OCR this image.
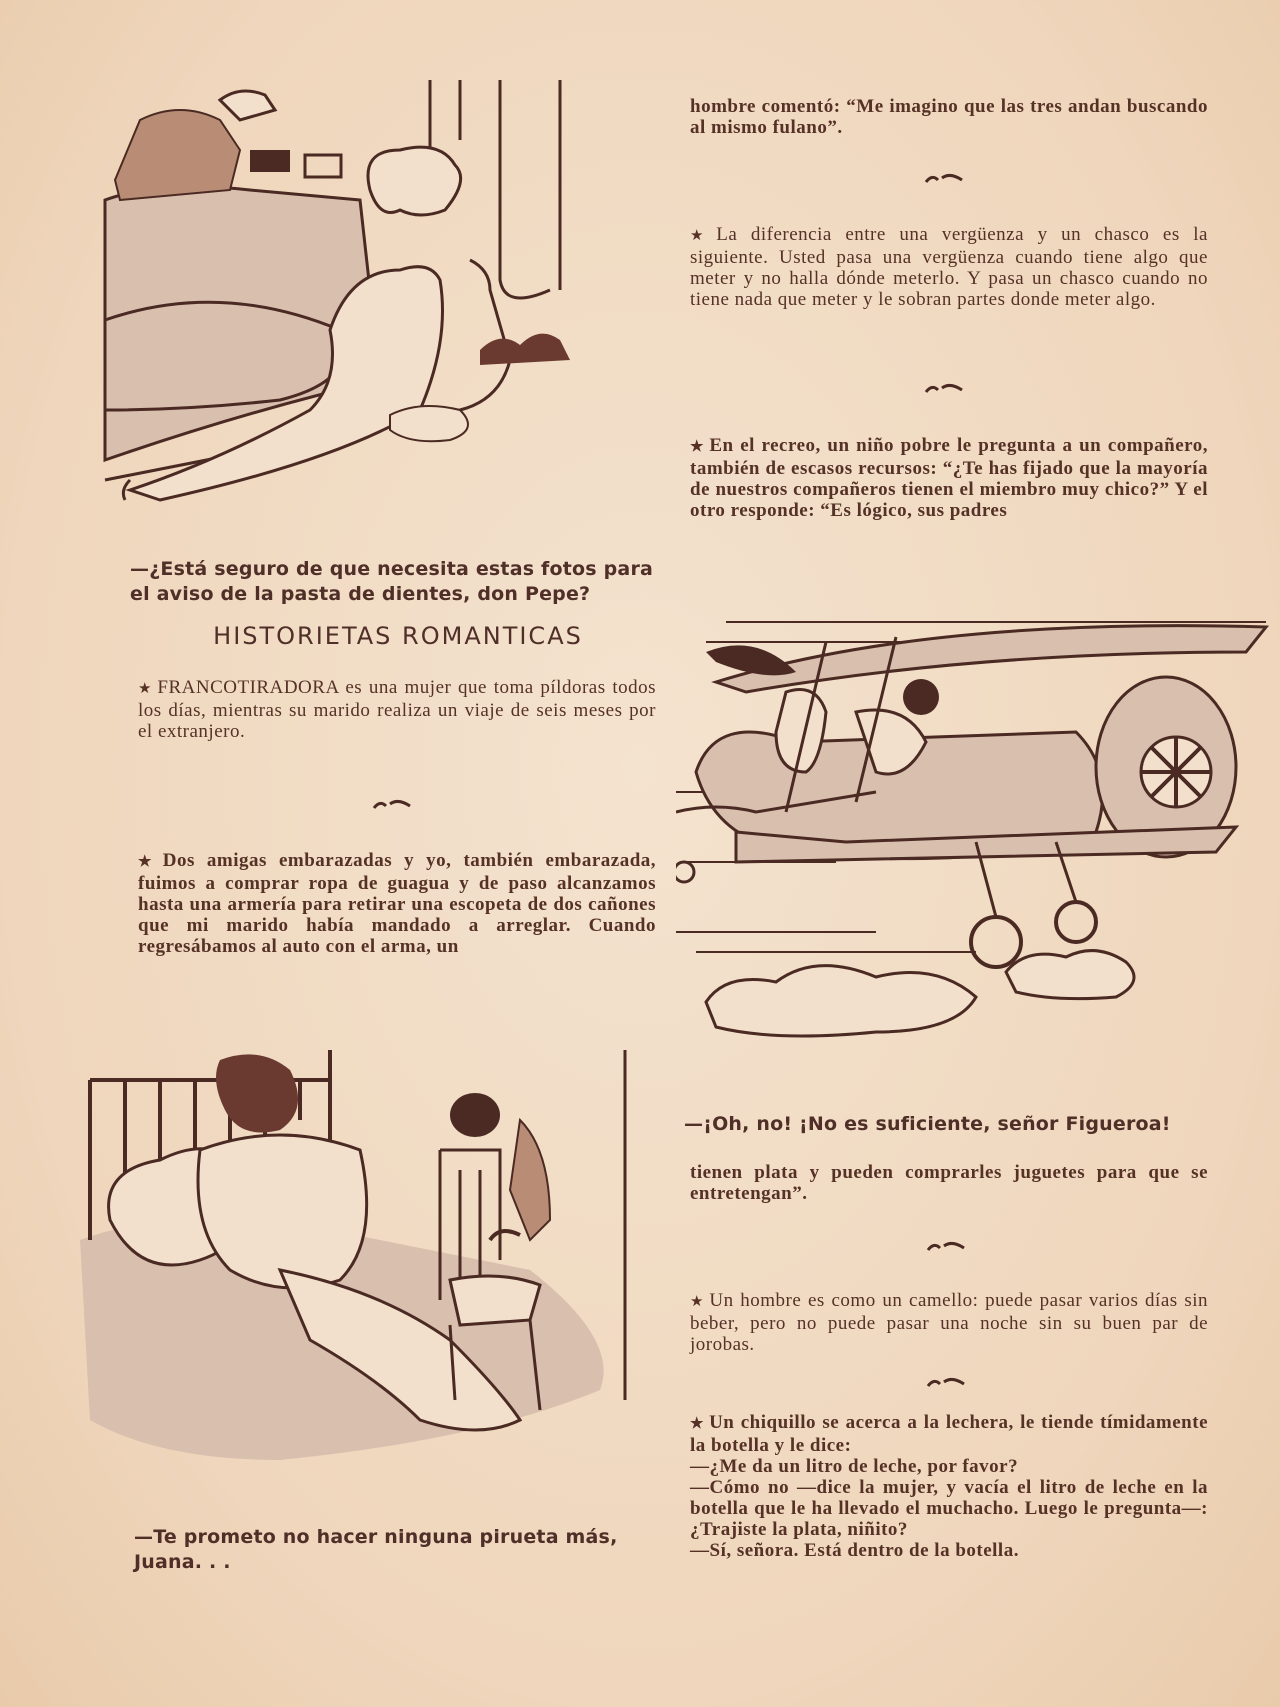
—¿Está seguro de que necesita estas fotos para el aviso de la pasta de dientes, don Pepe?
HISTORIETAS ROMANTICAS
★ FRANCOTIRADORA es una mujer que toma píldoras todos los días, mientras su marido realiza un viaje de seis meses por el extranjero.
★ Dos amigas embarazadas y yo, también embarazada, fuimos a comprar ropa de guagua y de paso alcanzamos hasta una armería para retirar una escopeta de dos cañones que mi marido había mandado a arreglar. Cuando regresábamos al auto con el arma, un
—Te prometo no hacer ninguna pirueta más, Juana. . .
hombre comentó: “Me imagino que las tres andan buscando al mismo fulano”.
★ La diferencia entre una vergüenza y un chasco es la siguiente. Usted pasa una vergüenza cuando tiene algo que meter y no halla dónde meterlo. Y pasa un chasco cuando no tiene nada que meter y le sobran partes donde meter algo.
★ En el recreo, un niño pobre le pregunta a un compañero, también de escasos recursos: “¿Te has fijado que la mayoría de nuestros compañeros tienen el miembro muy chico?” Y el otro responde: “Es lógico, sus padres
—¡Oh, no! ¡No es suficiente, señor Figueroa!
tienen plata y pueden comprarles juguetes para que se entretengan”.
★ Un hombre es como un camello: puede pasar varios días sin beber, pero no puede pasar una noche sin su buen par de jorobas.
★ Un chiquillo se acerca a la lechera, le tiende tímidamente la botella y le dice:
—¿Me da un litro de leche, por favor?
—Cómo no —dice la mujer, y vacía el litro de leche en la botella que le ha llevado el muchacho. Luego le pregunta—: ¿Trajiste la plata, niñito?
—Sí, señora. Está dentro de la botella.
